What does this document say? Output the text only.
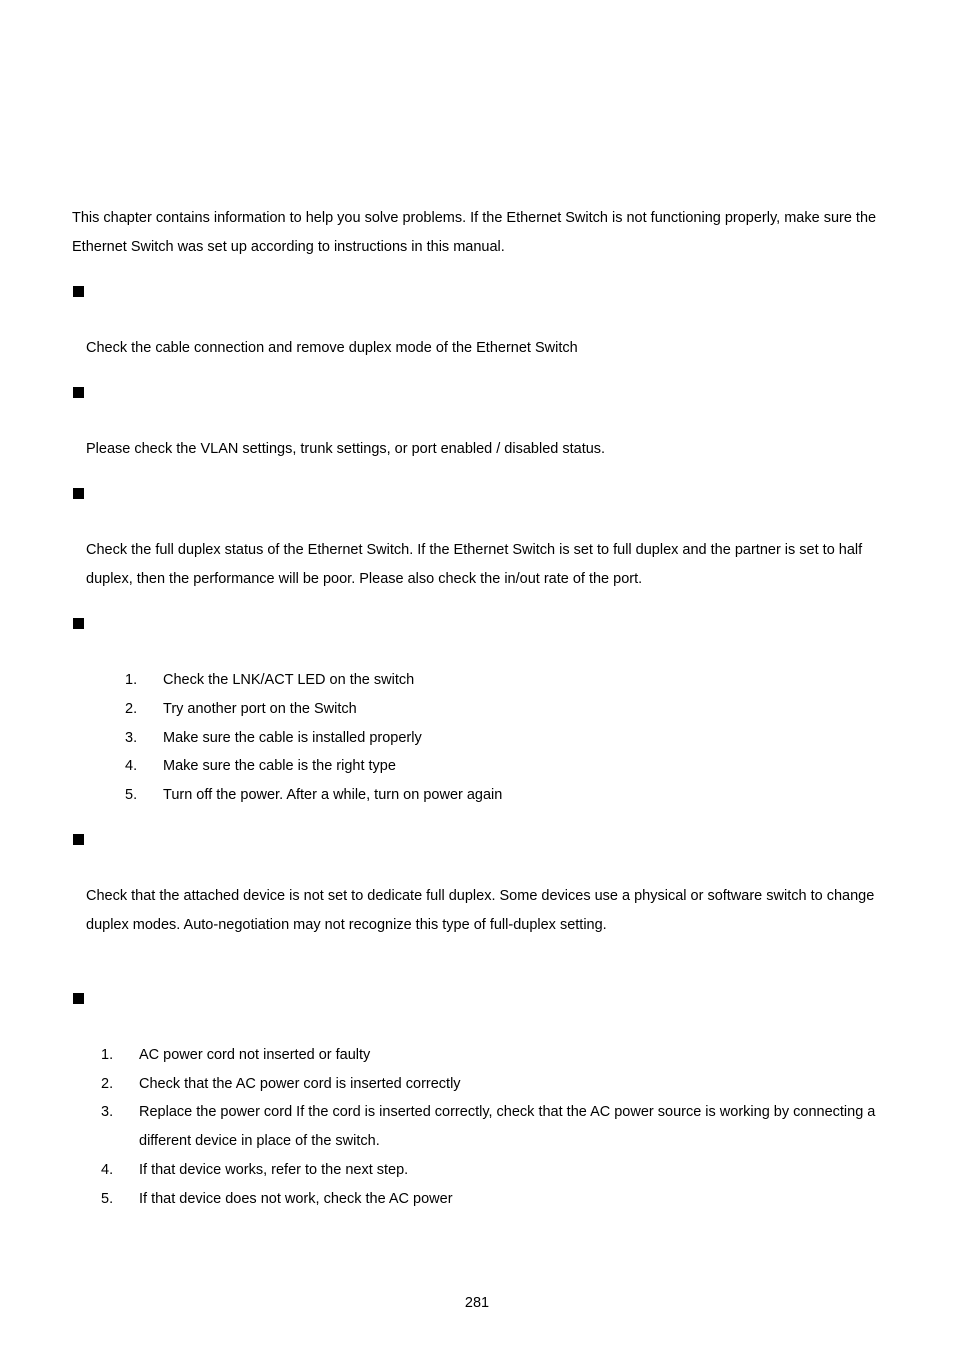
This chapter contains information to help you solve problems. If the Ethernet Switch is not functioning properly, make sure the
Ethernet Switch was set up according to instructions in this manual.
Check the cable connection and remove duplex mode of the Ethernet Switch
Please check the VLAN settings, trunk settings, or port enabled / disabled status.
Check the full duplex status of the Ethernet Switch. If the Ethernet Switch is set to full duplex and the partner is set to half
duplex, then the performance will be poor. Please also check the in/out rate of the port.
1. Check the LNK/ACT LED on the switch
2. Try another port on the Switch
3. Make sure the cable is installed properly
4. Make sure the cable is the right type
5. Turn off the power. After a while, turn on power again
Check that the attached device is not set to dedicate full duplex. Some devices use a physical or software switch to change
duplex modes. Auto-negotiation may not recognize this type of full-duplex setting.
1. AC power cord not inserted or faulty
2. Check that the AC power cord is inserted correctly
3. Replace the power cord If the cord is inserted correctly, check that the AC power source is working by connecting a
different device in place of the switch.
4. If that device works, refer to the next step.
5. If that device does not work, check the AC power
281
